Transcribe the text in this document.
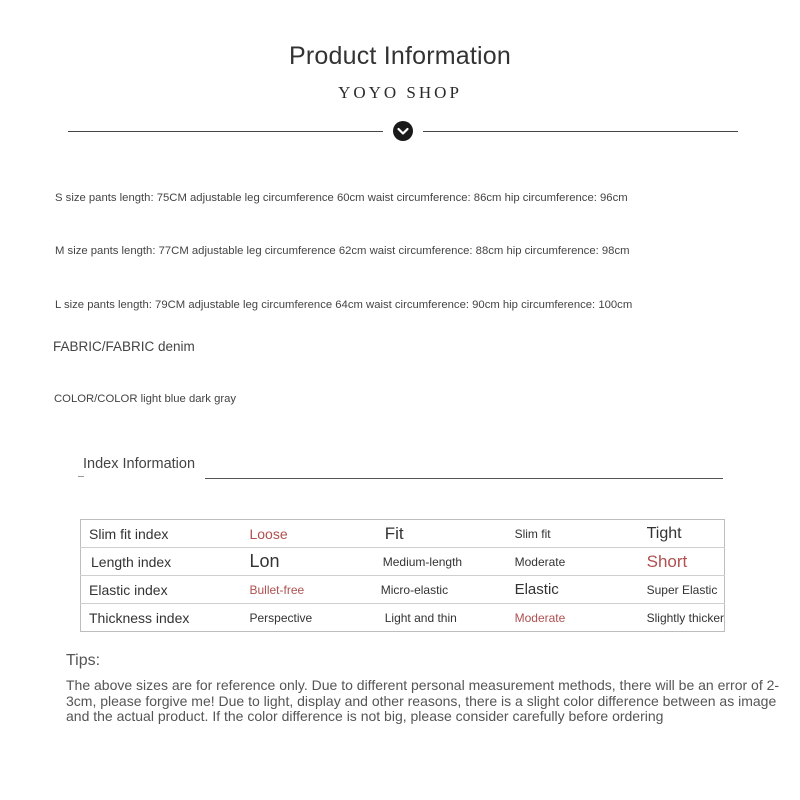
Product Information
YOYO SHOP
S size pants length: 75CM adjustable leg circumference 60cm waist circumference: 86cm hip circumference: 96cm
M size pants length: 77CM adjustable leg circumference 62cm waist circumference: 88cm hip circumference: 98cm
L size pants length: 79CM adjustable leg circumference 64cm waist circumference: 90cm hip circumference: 100cm
FABRIC/FABRIC denim
COLOR/COLOR light blue dark gray
Index Information
Slim fit index	Loose	Fit	Slim fit	Tight
Length index	Lon	Medium-length	Moderate	Short
Elastic index	Bullet-free	Micro-elastic	Elastic	Super Elastic
Thickness index	Perspective	Light and thin	Moderate	Slightly thicker
Tips:
The above sizes are for reference only. Due to different personal measurement methods, there will be an error of 2-3cm, please forgive me! Due to light, display and other reasons, there is a slight color difference between as image and the actual product. If the color difference is not big, please consider carefully before ordering
